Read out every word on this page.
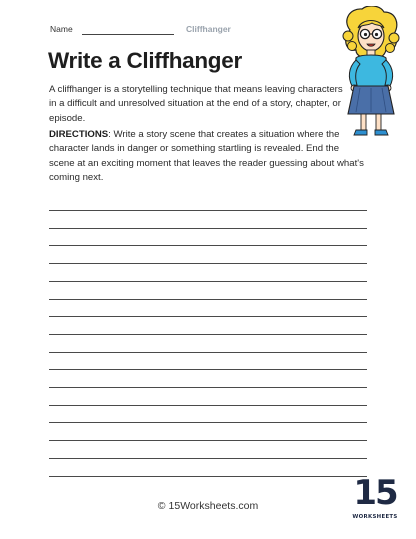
Name	Cliffhanger
Write a Cliffhanger

A cliffhanger is a storytelling technique that means leaving characters in a difficult and unresolved situation at the end of a story, chapter, or episode.

DIRECTIONS: Write a story scene that creates a situation where the character lands in danger or something startling is revealed. End the scene at an exciting moment that leaves the reader guessing about what's coming next.

© 15Worksheets.com	15
WORKSHEETS
